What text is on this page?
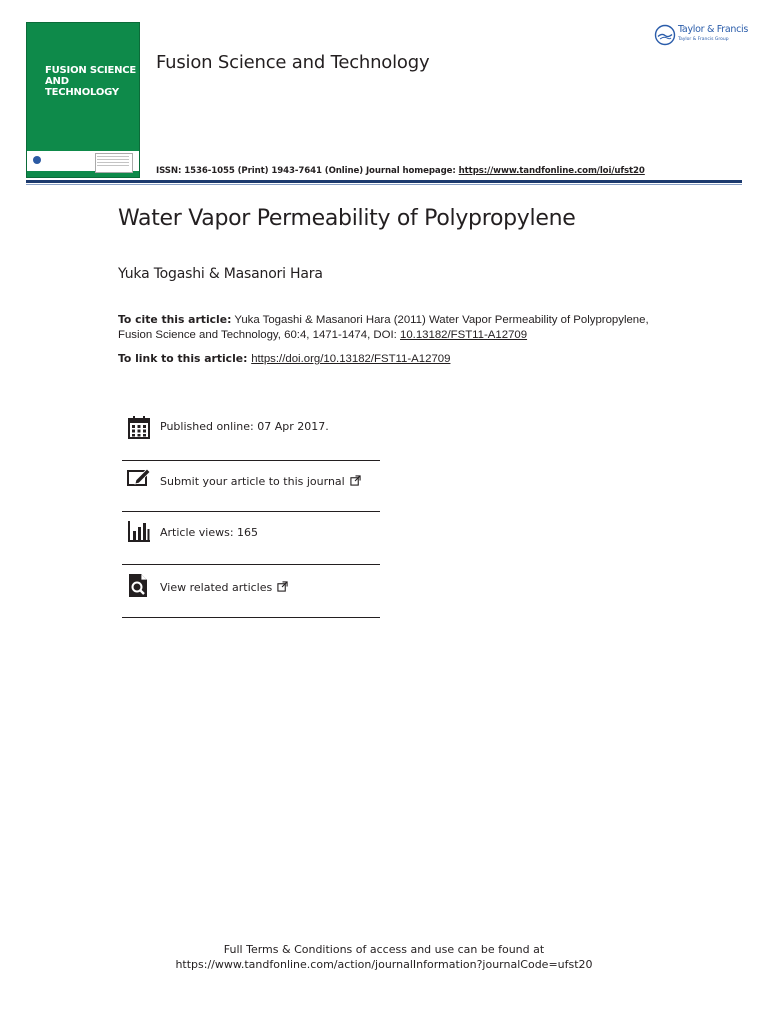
FUSION SCIENCE
AND TECHNOLOGY
Fusion Science and Technology
Taylor & Francis
Taylor & Francis Group
ISSN: 1536-1055 (Print) 1943-7641 (Online) Journal homepage: https://www.tandfonline.com/loi/ufst20
Water Vapor Permeability of Polypropylene
Yuka Togashi & Masanori Hara
To cite this article: Yuka Togashi & Masanori Hara (2011) Water Vapor Permeability of Polypropylene, Fusion Science and Technology, 60:4, 1471-1474, DOI: 10.13182/FST11-A12709
To link to this article: https://doi.org/10.13182/FST11-A12709
Published online: 07 Apr 2017.
Submit your article to this journal
Article views: 165
View related articles
Full Terms & Conditions of access and use can be found at
https://www.tandfonline.com/action/journalInformation?journalCode=ufst20
